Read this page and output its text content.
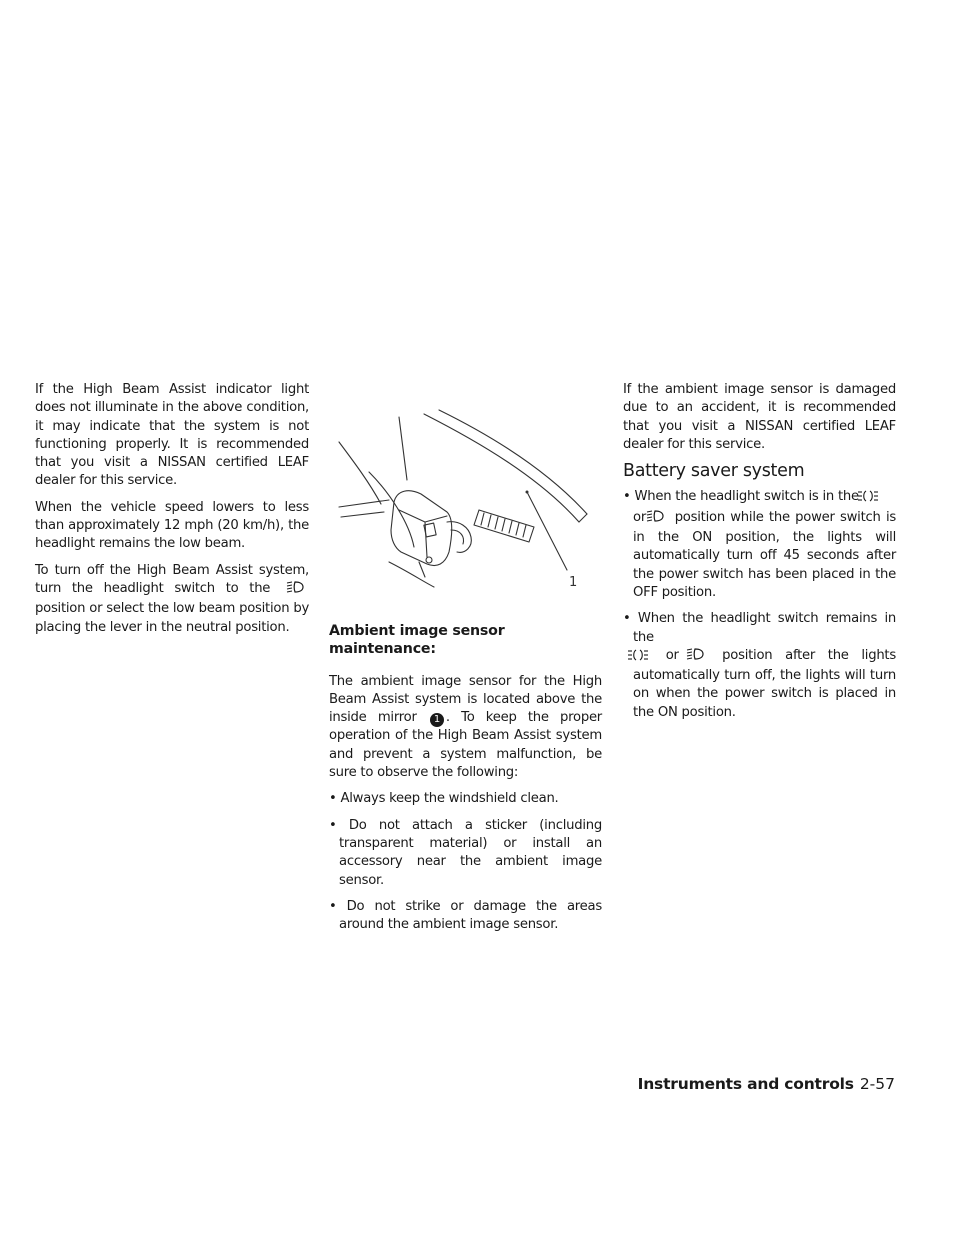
If the High Beam Assist indicator light does not illuminate in the above condition, it may indicate that the system is not functioning properly. It is recommended that you visit a NISSAN certified LEAF dealer for this service.

When the vehicle speed lowers to less than approximately 12 mph (20 km/h), the headlight remains the low beam.

To turn off the High Beam Assist system, turn the headlight switch to the  position or select the low beam position by placing the lever in the neutral position.

1
Ambient image sensor maintenance:

The ambient image sensor for the High Beam Assist system is located above the inside mirror 1 . To keep the proper operation of the High Beam Assist system and prevent a system malfunction, be sure to observe the following:

• Always keep the windshield clean.

• Do not attach a sticker (including transparent material) or install an accessory near the ambient image sensor.

• Do not strike or damage the areas around the ambient image sensor.

If the ambient image sensor is damaged due to an accident, it is recommended that you visit a NISSAN certified LEAF dealer for this service.

Battery saver system

• When the headlight switch is in the
or position while the power switch is in the ON position, the lights will automatically turn off 45 seconds after the power switch has been placed in the OFF position.

• When the headlight switch remains in the
or	position after the lights automatically turn off, the lights will turn on when the power switch is placed in the ON position.

Instruments and controls 2-57
